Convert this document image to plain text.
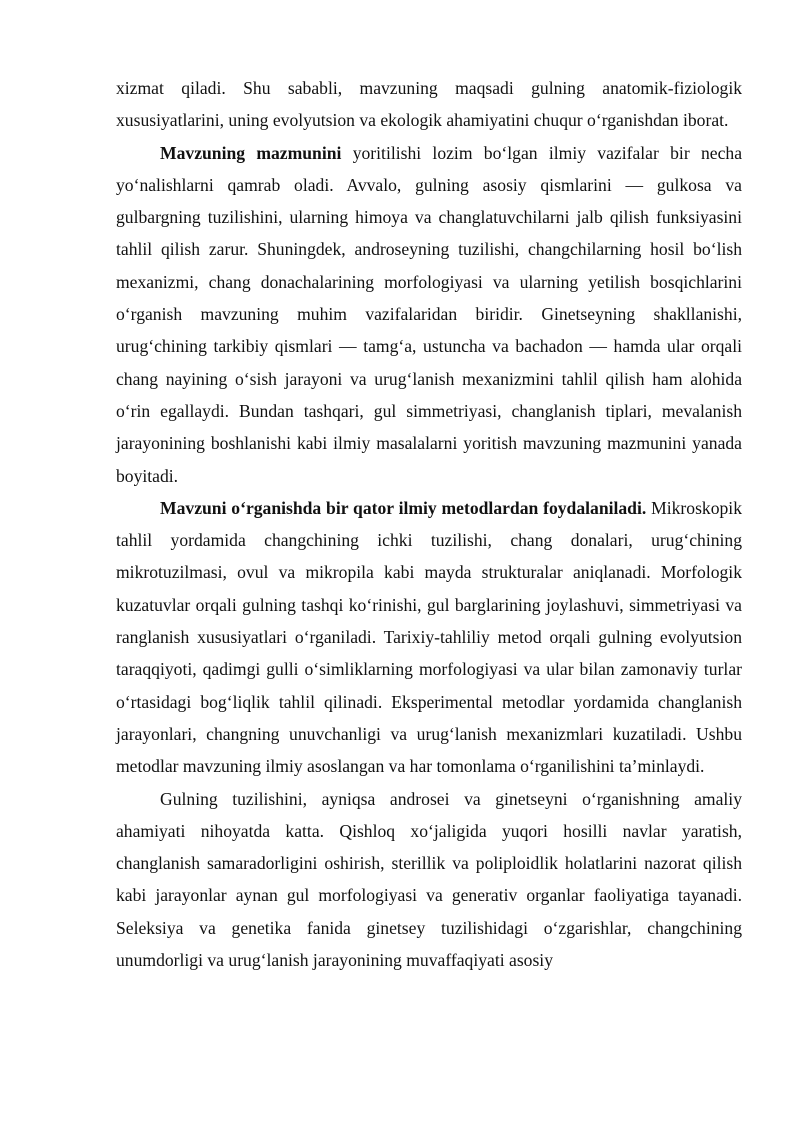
xizmat qiladi. Shu sababli, mavzuning maqsadi gulning anatomik-fiziologik xususiyatlarini, uning evolyutsion va ekologik ahamiyatini chuqur o‘rganishdan iborat.

Mavzuning mazmunini yoritilishi lozim bo‘lgan ilmiy vazifalar bir necha yo‘nalishlarni qamrab oladi. Avvalo, gulning asosiy qismlarini — gulkosa va gulbargning tuzilishini, ularning himoya va changlatuvchilarni jalb qilish funksiyasini tahlil qilish zarur. Shuningdek, androseyning tuzilishi, changchilarning hosil bo‘lish mexanizmi, chang donachalarining morfologiyasi va ularning yetilish bosqichlarini o‘rganish mavzuning muhim vazifalaridan biridir. Ginetseyning shakllanishi, urug‘chining tarkibiy qismlari — tamg‘a, ustuncha va bachadon — hamda ular orqali chang nayining o‘sish jarayoni va urug‘lanish mexanizmini tahlil qilish ham alohida o‘rin egallaydi. Bundan tashqari, gul simmetriyasi, changlanish tiplari, mevalanish jarayonining boshlanishi kabi ilmiy masalalarni yoritish mavzuning mazmunini yanada boyitadi.

Mavzuni o‘rganishda bir qator ilmiy metodlardan foydalaniladi. Mikroskopik tahlil yordamida changchining ichki tuzilishi, chang donalari, urug‘chining mikrotuzilmasi, ovul va mikropila kabi mayda strukturalar aniqlanadi. Morfologik kuzatuvlar orqali gulning tashqi ko‘rinishi, gul barglarining joylashuvi, simmetriyasi va ranglanish xususiyatlari o‘rganiladi. Tarixiy-tahliliy metod orqali gulning evolyutsion taraqqiyoti, qadimgi gulli o‘simliklarning morfologiyasi va ular bilan zamonaviy turlar o‘rtasidagi bog‘liqlik tahlil qilinadi. Eksperimental metodlar yordamida changlanish jarayonlari, changning unuvchanligi va urug‘lanish mexanizmlari kuzatiladi. Ushbu metodlar mavzuning ilmiy asoslangan va har tomonlama o‘rganilishini ta’minlaydi.

Gulning tuzilishini, ayniqsa androsei va ginetseyni o‘rganishning amaliy ahamiyati nihoyatda katta. Qishloq xo‘jaligida yuqori hosilli navlar yaratish, changlanish samaradorligini oshirish, sterillik va poliploidlik holatlarini nazorat qilish kabi jarayonlar aynan gul morfologiyasi va generativ organlar faoliyatiga tayanadi. Seleksiya va genetika fanida ginetsey tuzilishidagi o‘zgarishlar, changchining unumdorligi va urug‘lanish jarayonining muvaffaqiyati asosiy
